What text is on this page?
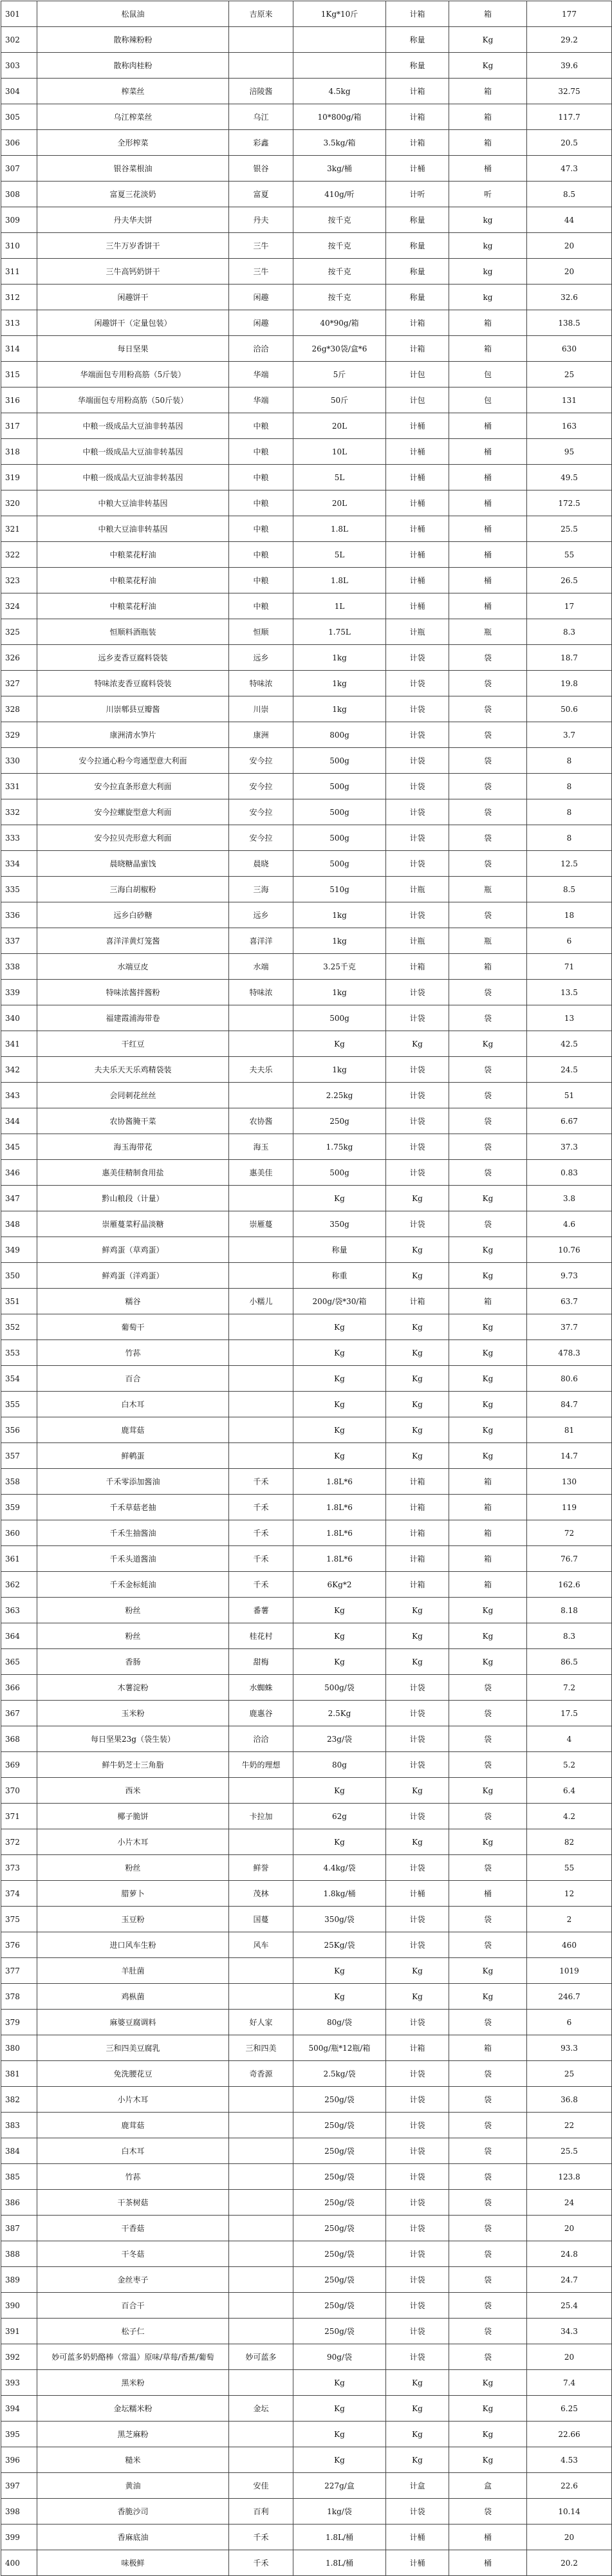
301	松鼠油	吉原来	1Kg*10斤	计箱	箱	177
302	散称辣粉粉			称量	Kg	29.2
303	散称肉桂粉			称量	Kg	39.6
304	榨菜丝	涪陵酱	4.5kg	计箱	箱	32.75
305	乌江榨菜丝	乌江	10*800g/箱	计箱	箱	117.7
306	全形榨菜	彩鑫	3.5kg/箱	计箱	箱	20.5
307	银谷菜根油	银谷	3kg/桶	计桶	桶	47.3
308	富夏三花淡奶	富夏	410g/听	计听	听	8.5
309	丹夫华夫饼	丹夫	按千克	称量	kg	44
310	三牛万岁香饼干	三牛	按千克	称量	kg	20
311	三牛高钙奶饼干	三牛	按千克	称量	kg	20
312	闲趣饼干	闲趣	按千克	称量	kg	32.6
313	闲趣饼干（定量包装）	闲趣	40*90g/箱	计箱	箱	138.5
314	每日坚果	洽洽	26g*30袋/盒*6	计箱	箱	630
315	华端面包专用粉高筋（5斤装）	华端	5斤	计包	包	25
316	华端面包专用粉高筋（50斤装）	华端	50斤	计包	包	131
317	中粮一级成品大豆油非转基因	中粮	20L	计桶	桶	163
318	中粮一级成品大豆油非转基因	中粮	10L	计桶	桶	95
319	中粮一级成品大豆油非转基因	中粮	5L	计桶	桶	49.5
320	中粮大豆油非转基因	中粮	20L	计桶	桶	172.5
321	中粮大豆油非转基因	中粮	1.8L	计桶	桶	25.5
322	中粮菜花籽油	中粮	5L	计桶	桶	55
323	中粮菜花籽油	中粮	1.8L	计桶	桶	26.5
324	中粮菜花籽油	中粮	1L	计桶	桶	17
325	恒顺料酒瓶装	恒顺	1.75L	计瓶	瓶	8.3
326	远乡麦香豆腐料袋装	远乡	1kg	计袋	袋	18.7
327	特味浓麦香豆腐料袋装	特味浓	1kg	计袋	袋	19.8
328	川崇郫县豆瓣酱	川崇	1kg	计袋	袋	50.6
329	康洲清水笋片	康洲	800g	计袋	袋	3.7
330	安今拉通心粉今弯通型意大利面	安今拉	500g	计袋	袋	8
331	安今拉直条形意大利面	安今拉	500g	计袋	袋	8
332	安今拉螺旋型意大利面	安今拉	500g	计袋	袋	8
333	安今拉贝壳形意大利面	安今拉	500g	计袋	袋	8
334	晨晓糖晶蜜饯	晨晓	500g	计袋	袋	12.5
335	三海白胡椒粉	三海	510g	计瓶	瓶	8.5
336	远乡白砂糖	远乡	1kg	计袋	袋	18
337	喜洋洋黄灯笼酱	喜洋洋	1kg	计瓶	瓶	6
338	水端豆皮	水端	3.25千克	计箱	箱	71
339	特味浓酱拌酱粉	特味浓	1kg	计袋	袋	13.5
340	福建霞浦海带卷		500g	计袋	袋	13
341	干红豆		Kg	Kg	Kg	42.5
342	夫夫乐天天乐鸡精袋装	夫夫乐	1kg	计袋	袋	24.5
343	会同刺花丝丝		2.25kg	计袋	袋	51
344	农协酱腌干菜	农协酱	250g	计袋	袋	6.67
345	海玉海带花	海玉	1.75kg	计袋	袋	37.3
346	惠美佳精制食用盐	惠美佳	500g	计袋	袋	0.83
347	黔山粮段（计量）		Kg	Kg	Kg	3.8
348	崇雁蔓菜籽晶淡糖	崇雁蔓	350g	计袋	袋	4.6
349	鲜鸡蛋（草鸡蛋）		称量	Kg	Kg	10.76
350	鲜鸡蛋（洋鸡蛋）		称重	Kg	Kg	9.73
351	糯谷	小糯儿	200g/袋*30/箱	计箱	箱	63.7
352	葡萄干		Kg	Kg	Kg	37.7
353	竹荪		Kg	Kg	Kg	478.3
354	百合		Kg	Kg	Kg	80.6
355	白木耳		Kg	Kg	Kg	84.7
356	鹿茸菇		Kg	Kg	Kg	81
357	鲜鹌蛋		Kg	Kg	Kg	14.7
358	千禾零添加酱油	千禾	1.8L*6	计箱	箱	130
359	千禾草菇老抽	千禾	1.8L*6	计箱	箱	119
360	千禾生抽酱油	千禾	1.8L*6	计箱	箱	72
361	千禾头道酱油	千禾	1.8L*6	计箱	箱	76.7
362	千禾金标蚝油	千禾	6Kg*2	计箱	箱	162.6
363	粉丝	番薯	Kg	Kg	Kg	8.18
364	粉丝	桂花村	Kg	Kg	Kg	8.3
365	香肠	甜梅	Kg	Kg	Kg	86.5
366	木薯淀粉	水蜘蛛	500g/袋	计袋	袋	7.2
367	玉米粉	鹿惠谷	2.5Kg	计袋	袋	17.5
368	每日坚果23g（袋生装）	洽洽	23g/袋	计袋	袋	4
369	鲜牛奶芝士三角脂	牛奶的理想	80g	计袋	袋	5.2
370	西米		Kg	Kg	Kg	6.4
371	椰子脆饼	卡拉加	62g	计袋	袋	4.2
372	小片木耳		Kg	Kg	Kg	82
373	粉丝	鲜誉	4.4kg/袋	计袋	袋	55
374	腊萝卜	茂林	1.8kg/桶	计桶	桶	12
375	玉豆粉	国蔓	350g/袋	计袋	袋	2
376	进口风车生粉	风车	25Kg/袋	计袋	袋	460
377	羊肚菌		Kg	Kg	Kg	1019
378	鸡枞菌		Kg	Kg	Kg	246.7
379	麻婆豆腐调料	好人家	80g/袋	计袋	袋	6
380	三和四美豆腐乳	三和四美	500g/瓶*12瓶/箱	计箱	箱	93.3
381	免洗腰花豆	奇香源	2.5kg/袋	计袋	袋	25
382	小片木耳		250g/袋	计袋	袋	36.8
383	鹿茸菇		250g/袋	计袋	袋	22
384	白木耳		250g/袋	计袋	袋	25.5
385	竹荪		250g/袋	计袋	袋	123.8
386	干茶树菇		250g/袋	计袋	袋	24
387	干香菇		250g/袋	计袋	袋	20
388	干冬菇		250g/袋	计袋	袋	24.8
389	金丝枣子		250g/袋	计袋	袋	24.7
390	百合干		250g/袋	计袋	袋	25.4
391	松子仁		250g/袋	计袋	袋	34.3
392	妙可蓝多奶奶酪棒（常温）原味/草莓/香蕉/葡萄	妙可蓝多	90g/袋	计袋	袋	20
393	黑米粉		Kg	Kg	Kg	7.4
394	金坛糯米粉	金坛	Kg	Kg	Kg	6.25
395	黑芝麻粉		Kg	Kg	Kg	22.66
396	糙米		Kg	Kg	Kg	4.53
397	黄油	安佳	227g/盒	计盒	盒	22.6
398	香脆沙司	百利	1kg/袋	计袋	袋	10.14
399	香麻底油	千禾	1.8L/桶	计桶	桶	20
400	味极鲜	千禾	1.8L/桶	计桶	桶	20.2
